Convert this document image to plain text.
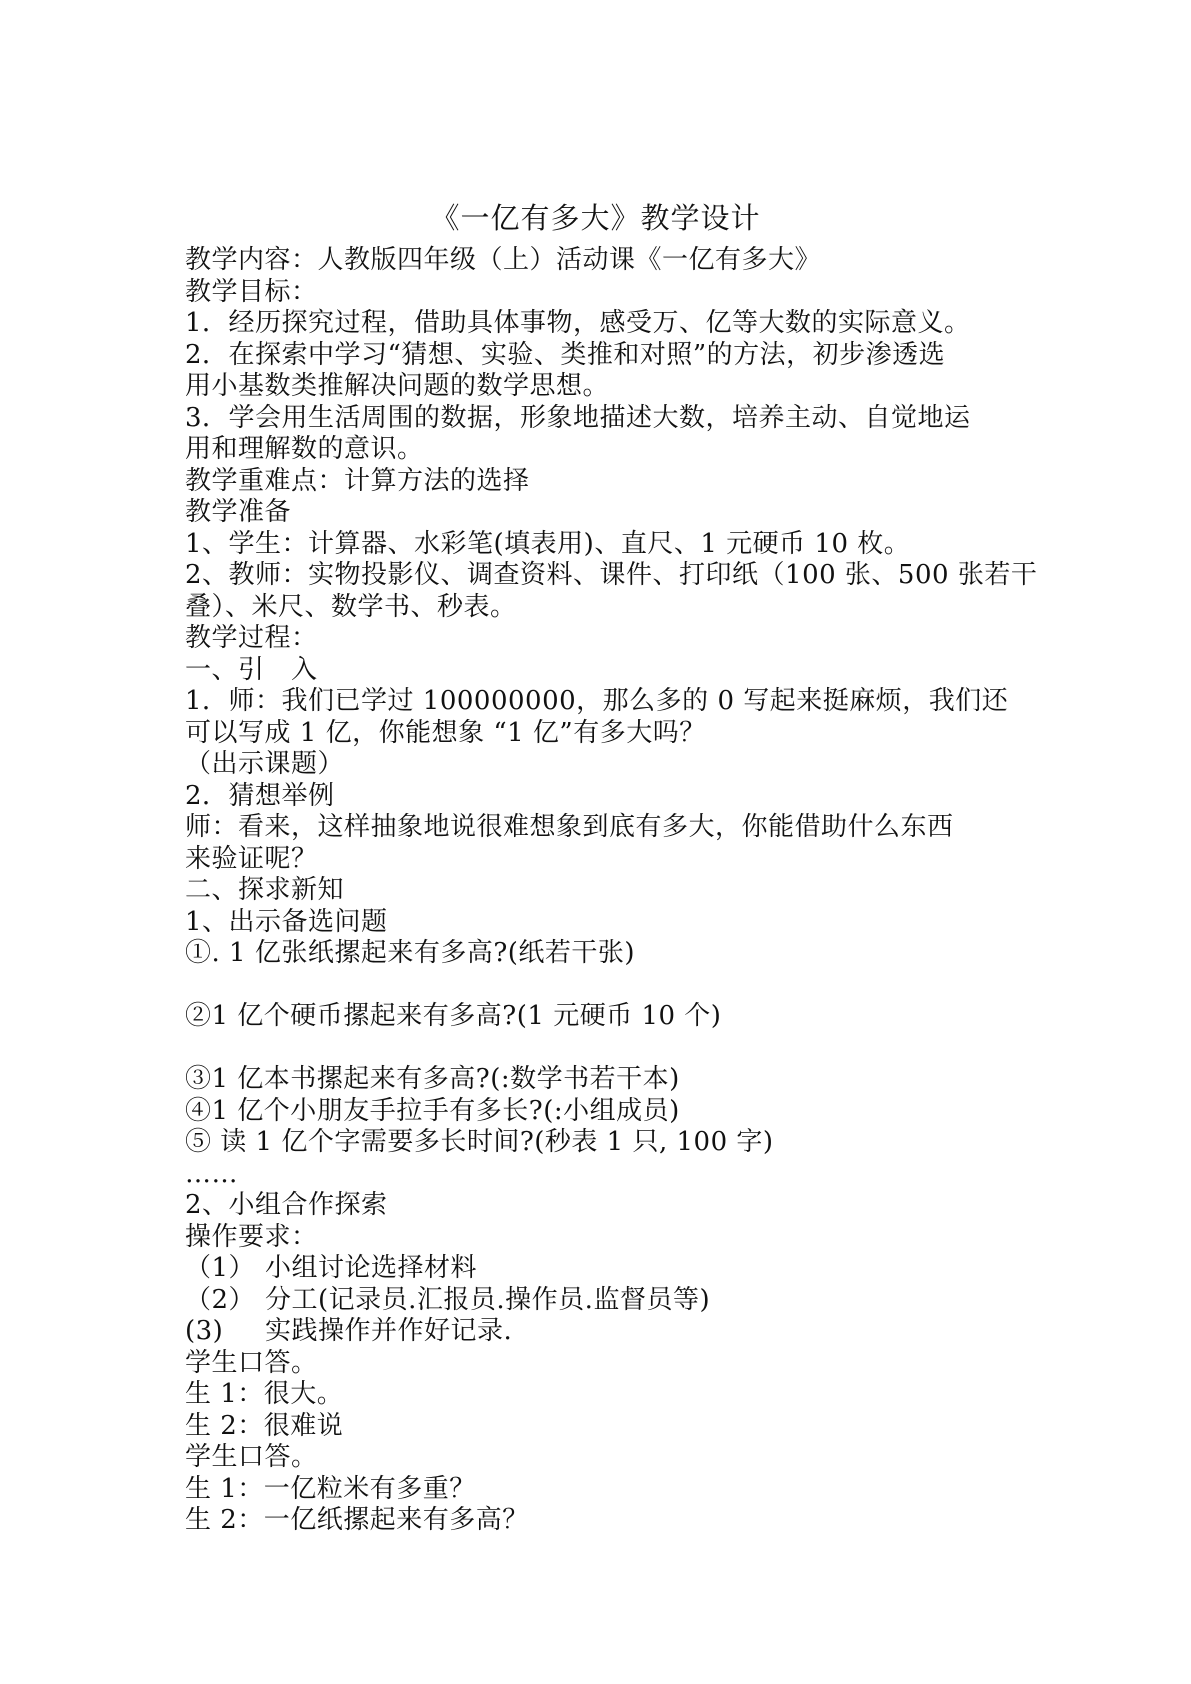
《一亿有多大》教学设计
教学内容：人教版四年级（上）活动课《一亿有多大》
教学目标：
1．经历探究过程，借助具体事物，感受万、亿等大数的实际意义。
2．在探索中学习“猜想、实验、类推和对照”的方法，初步渗透选
用小基数类推解决问题的数学思想。
3．学会用生活周围的数据，形象地描述大数，培养主动、自觉地运
用和理解数的意识。
教学重难点：计算方法的选择
教学准备
1、学生：计算器、水彩笔(填表用)、直尺、1 元硬币 10 枚。
2、教师：实物投影仪、调查资料、课件、打印纸（100 张、500 张若干
叠）、米尺、数学书、秒表。
教学过程：
一、引　入
1．师：我们已学过 100000000，那么多的 0 写起来挺麻烦，我们还
可以写成 1 亿，你能想象 “1 亿”有多大吗？
（出示课题）
2．猜想举例
师：看来，这样抽象地说很难想象到底有多大，你能借助什么东西
来验证呢？
二、探求新知
1、出示备选问题
①. 1 亿张纸摞起来有多高?(纸若干张)
②1 亿个硬币摞起来有多高?(1 元硬币 10 个)
③1 亿本书摞起来有多高?(:数学书若干本)
④1 亿个小朋友手拉手有多长?(:小组成员)
⑤ 读 1 亿个字需要多长时间?(秒表 1 只, 100 字)
……
2、小组合作探索
操作要求：
（1） 小组讨论选择材料
（2） 分工(记录员.汇报员.操作员.监督员等)
(3) 实践操作并作好记录.
学生口答。
生 1：很大。
生 2：很难说
学生口答。
生 1：一亿粒米有多重？
生 2：一亿纸摞起来有多高？
